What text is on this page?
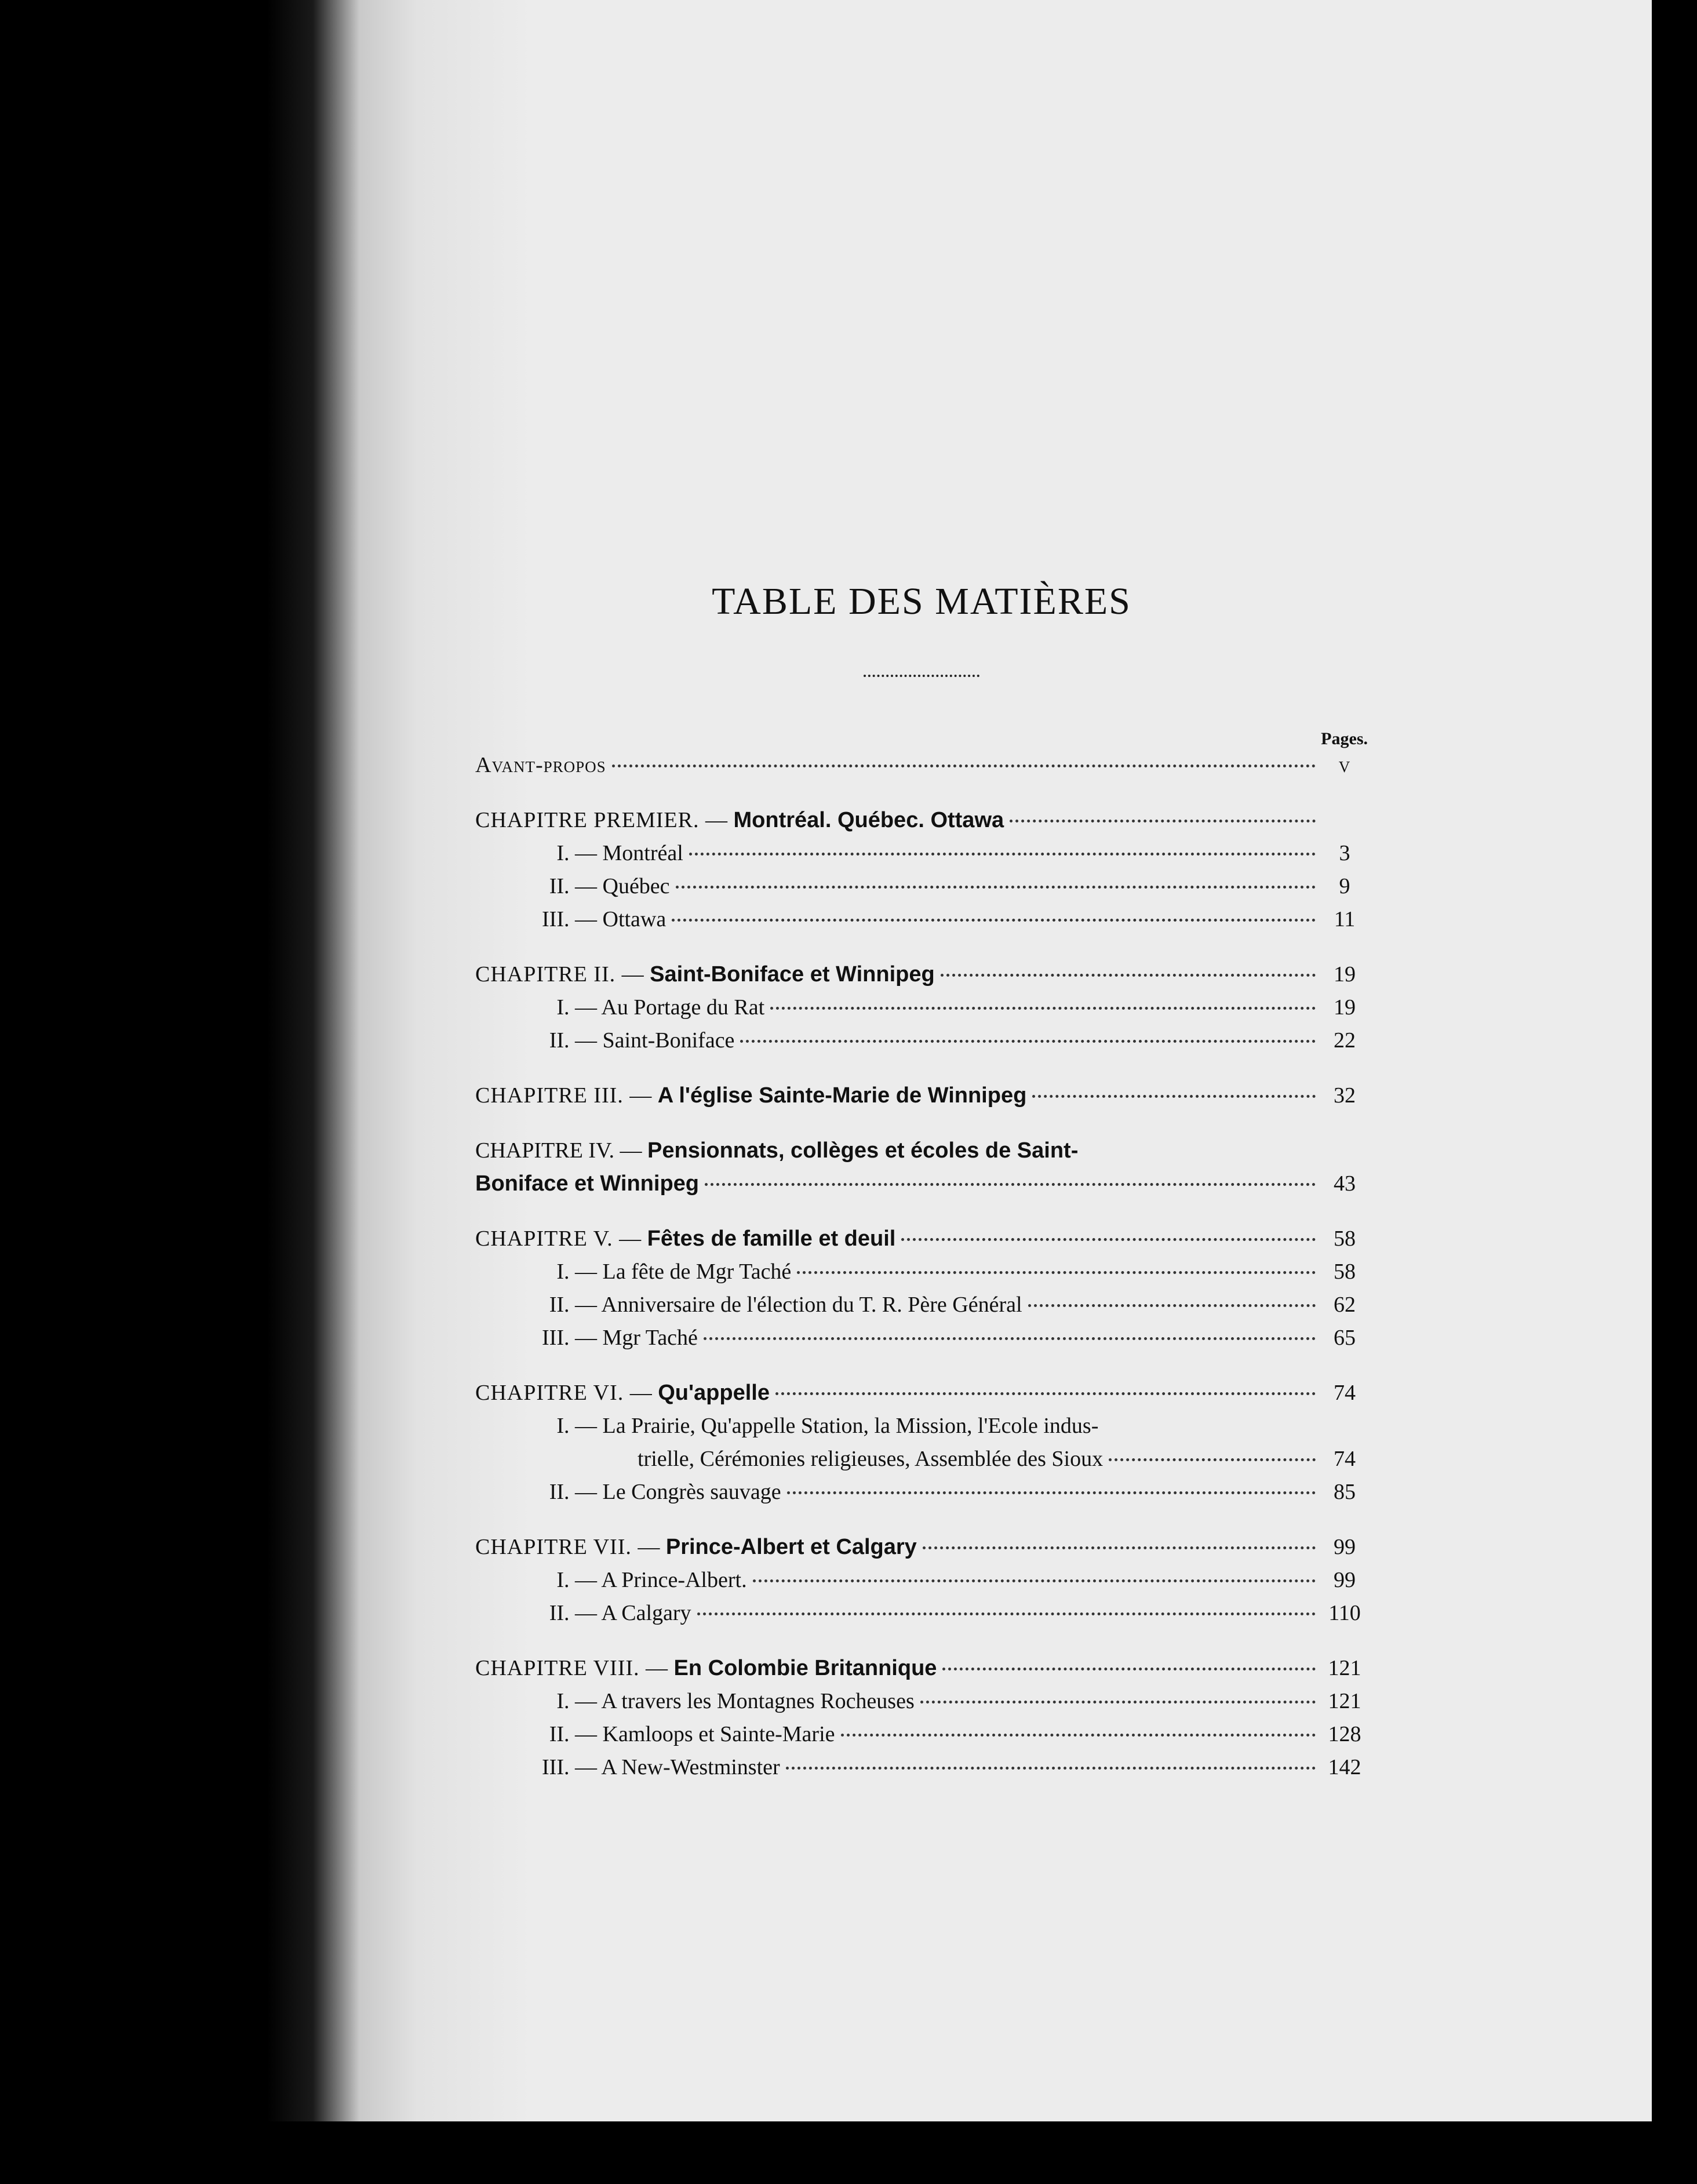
TABLE DES MATIÈRES
Pages.
Avant-propos	v
CHAPITRE PREMIER. — Montréal. Québec. Ottawa
I. — Montréal	3
II. — Québec	9
III. — Ottawa	11
CHAPITRE II. — Saint-Boniface et Winnipeg	19
I. — Au Portage du Rat	19
II. — Saint-Boniface	22
CHAPITRE III. — A l'église Sainte-Marie de Winnipeg	32
CHAPITRE IV. — Pensionnats, collèges et écoles de Saint-
Boniface et Winnipeg	43
CHAPITRE V. — Fêtes de famille et deuil	58
I. — La fête de Mgr Taché	58
II. — Anniversaire de l'élection du T. R. Père Général	62
III. — Mgr Taché	65
CHAPITRE VI. — Qu'appelle	74
I. — La Prairie, Qu'appelle Station, la Mission, l'Ecole indus-
trielle, Cérémonies religieuses, Assemblée des Sioux	74
II. — Le Congrès sauvage	85
CHAPITRE VII. — Prince-Albert et Calgary	99
I. — A Prince-Albert.	99
II. — A Calgary	110
CHAPITRE VIII. — En Colombie Britannique	121
I. — A travers les Montagnes Rocheuses	121
II. — Kamloops et Sainte-Marie	128
III. — A New-Westminster	142
